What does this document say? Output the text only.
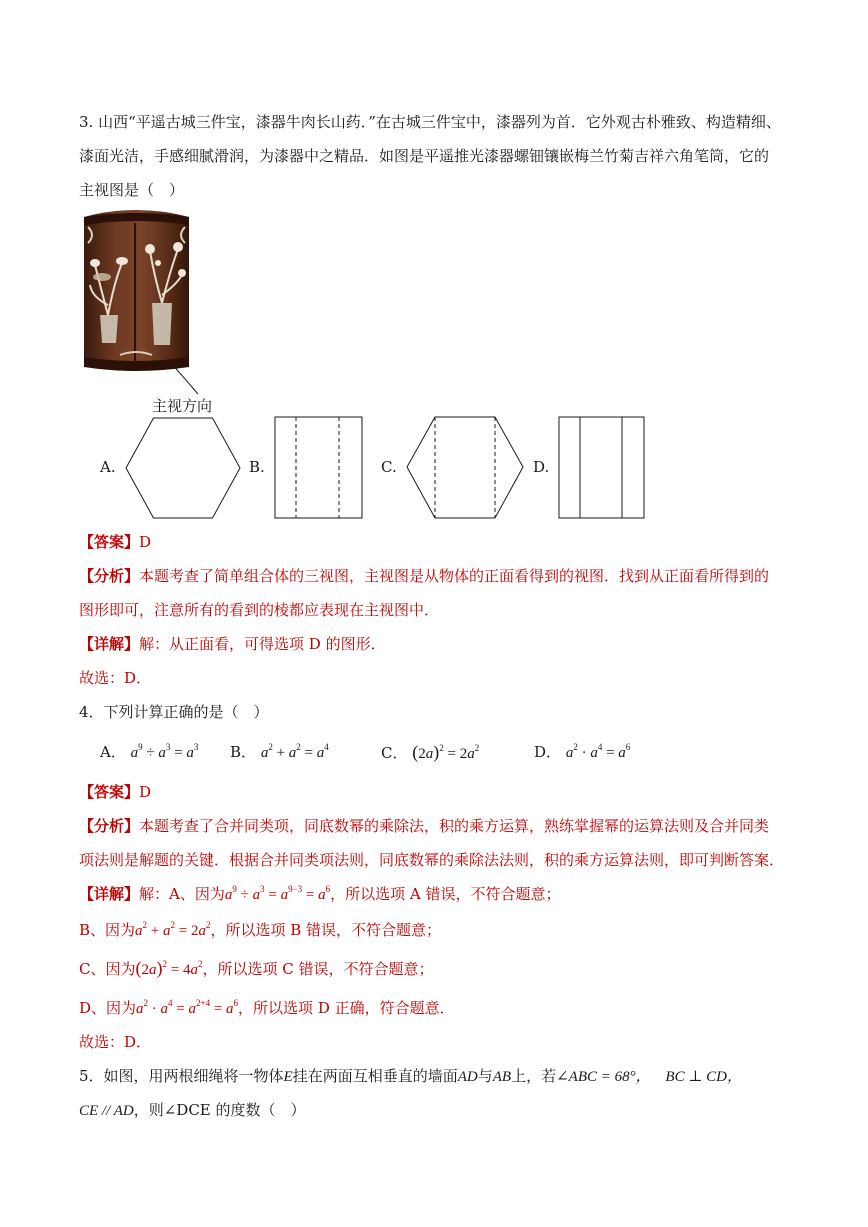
3. 山西“平遥古城三件宝，漆器牛肉长山药．”在古城三件宝中，漆器列为首．它外观古朴雅致、构造精细、
漆面光洁，手感细腻滑润，为漆器中之精品．如图是平遥推光漆器螺钿镶嵌梅兰竹菊吉祥六角笔筒，它的
主视图是（　）
主视方向
A.	B.	C.	D.
【答案】D
【分析】本题考查了简单组合体的三视图，主视图是从物体的正面看得到的视图．找到从正面看所得到的
图形即可，注意所有的看到的棱都应表现在主视图中．
【详解】解：从正面看，可得选项 D 的图形．
故选：D．
4．下列计算正确的是（　）
A． $a^9 \div a^3 = a^3$ B． $a^2 + a^2 = a^4$	C． $(2a)^2 = 2a^2$	D． $a^2 \cdot a^4 = a^6$
【答案】D
【分析】本题考查了合并同类项，同底数幂的乘除法，积的乘方运算，熟练掌握幂的运算法则及合并同类
项法则是解题的关键．根据合并同类项法则，同底数幂的乘除法法则，积的乘方运算法则，即可判断答案．
【详解】解：A、因为$a^9 \div a^3 = a^{9-3} = a^6$，所以选项 A 错误，不符合题意；
B、因为$a^2 + a^2 = 2a^2$，所以选项 B 错误，不符合题意；
C、因为$(2a)^2 = 4a^2$，所以选项 C 错误，不符合题意；
D、因为$a^2 \cdot a^4 = a^{2+4} = a^6$，所以选项 D 正确，符合题意．
故选：D．
5．如图，用两根细绳将一物体E挂在两面互相垂直的墙面AD与AB上，若∠ABC = 68°， BC ⊥ CD，
CE // AD，则∠DCE 的度数（　）
